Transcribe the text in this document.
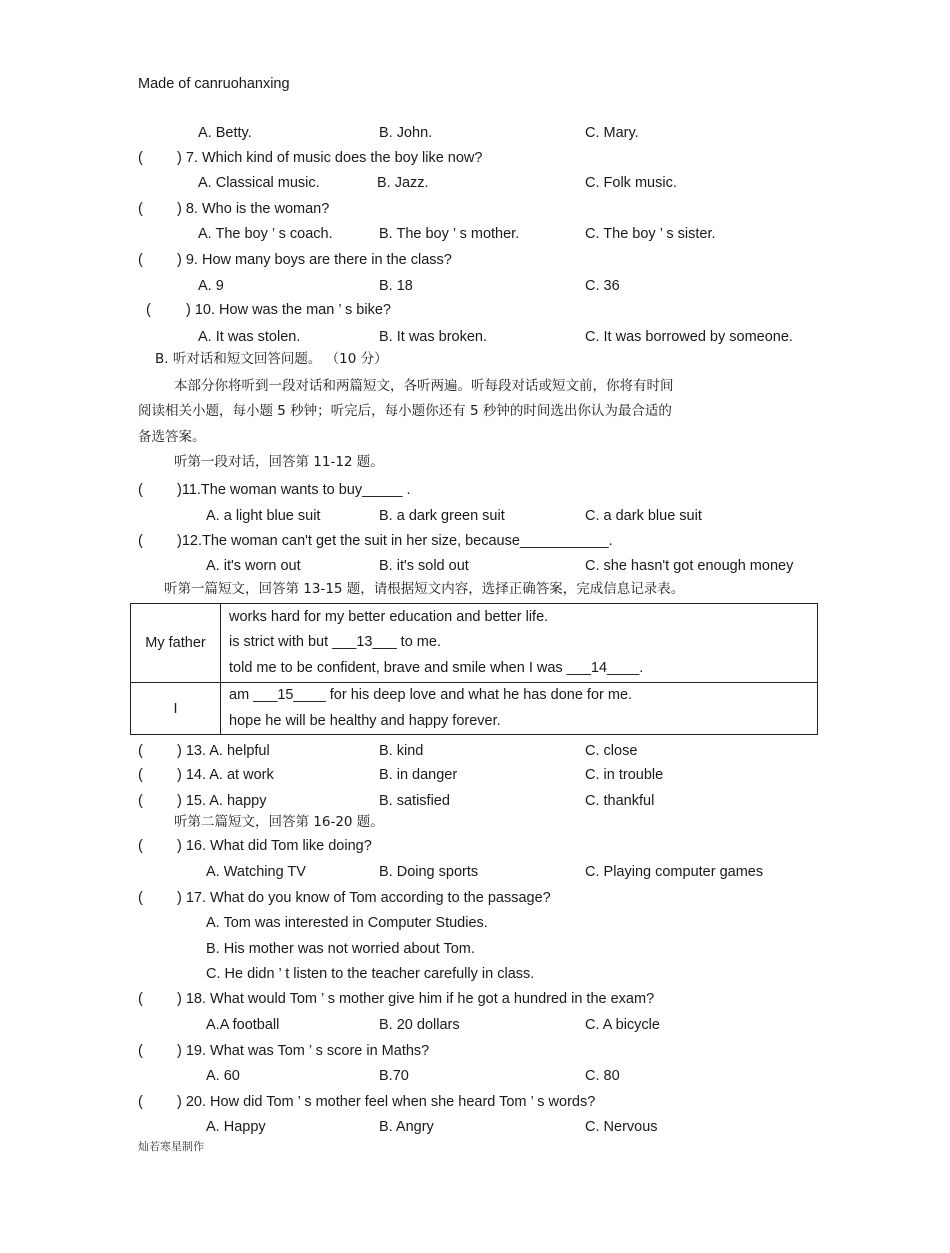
Made of canruohanxing
A. Betty.	B. John.	C. Mary.
( ) 7. Which kind of music does the boy like now?
A. Classical music.	B. Jazz.	C. Folk music.
( ) 8. Who is the woman?
A. The boy ’ s coach.	B. The boy ’ s mother.	C. The boy ’ s sister.
( ) 9. How many boys are there in the class?
A. 9	B. 18	C. 36
( ) 10. How was the man ’ s bike?
A. It was stolen.	B. It was broken.	C. It was borrowed by someone.
B. 听对话和短文回答问题。 （10 分）
本部分你将听到一段对话和两篇短文，各听两遍。听每段对话或短文前，你将有时间
阅读相关小题，每小题 5 秒钟；听完后，每小题你还有 5 秒钟的时间选出你认为最合适的
备选答案。
听第一段对话，回答第 11-12 题。
( )11.The woman wants to buy_____ .
A. a light blue suit	B. a dark green suit	C. a dark blue suit
( )12.The woman can't get the suit in her size, because___________.
A. it's worn out	B. it's sold out	C. she hasn't got enough money
听第一篇短文，回答第 13-15 题，请根据短文内容，选择正确答案，完成信息记录表。
My father	works hard for my better education and better life.
is strict with but ___13___ to me.
told me to be confident, brave and smile when I was ___14____.

I	am ___15____ for his deep love and what he has done for me.
hope he will be healthy and happy forever.
( ) 13. A. helpful	B. kind	C. close
( ) 14. A. at work	B. in danger	C. in trouble
( ) 15. A. happy	B. satisfied	C. thankful
听第二篇短文，回答第 16-20 题。
( ) 16. What did Tom like doing?
A. Watching TV	B. Doing sports	C. Playing computer games
( ) 17. What do you know of Tom according to the passage?
A. Tom was interested in Computer Studies.
B. His mother was not worried about Tom.
C. He didn ’ t listen to the teacher carefully in class.
( ) 18. What would Tom ’ s mother give him if he got a hundred in the exam?
A.A football	B. 20 dollars	C. A bicycle
( ) 19. What was Tom ’ s score in Maths?
A. 60	B.70	C. 80
( ) 20. How did Tom ’ s mother feel when she heard Tom ’ s words?
A. Happy	B. Angry	C. Nervous
灿若寒星制作
